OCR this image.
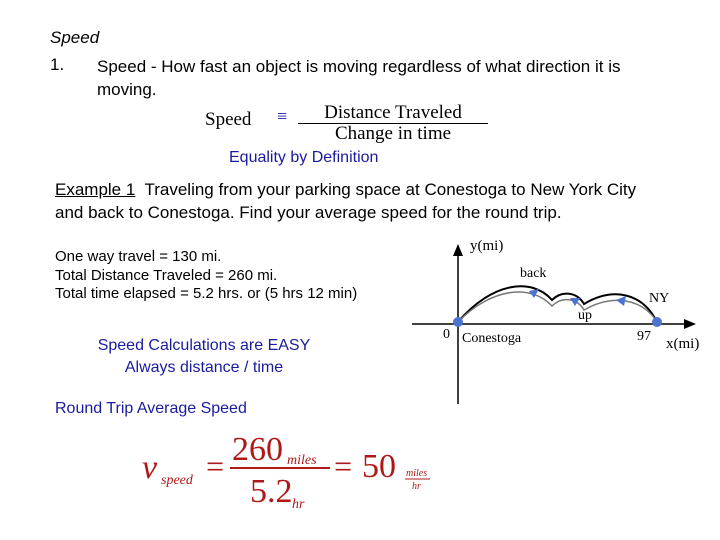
Speed
1. Speed - How fast an object is moving regardless of what direction it is moving.
Speed ≡	Distance Traveled
Change in time
Equality by Definition
Example 1 Traveling from your parking space at Conestoga to New York City and back to Conestoga. Find your average speed for the round trip.
One way travel = 130 mi.
Total Distance Traveled = 260 mi.
Total time elapsed = 5.2 hrs. or (5 hrs 12 min)
Speed Calculations are EASY
Always distance / time
Round Trip Average Speed
v speed = 260 miles
5.2 hr
= 50 miles
hr
y(mi)
x(mi)
0 Conestoga
NY
97
back
up
